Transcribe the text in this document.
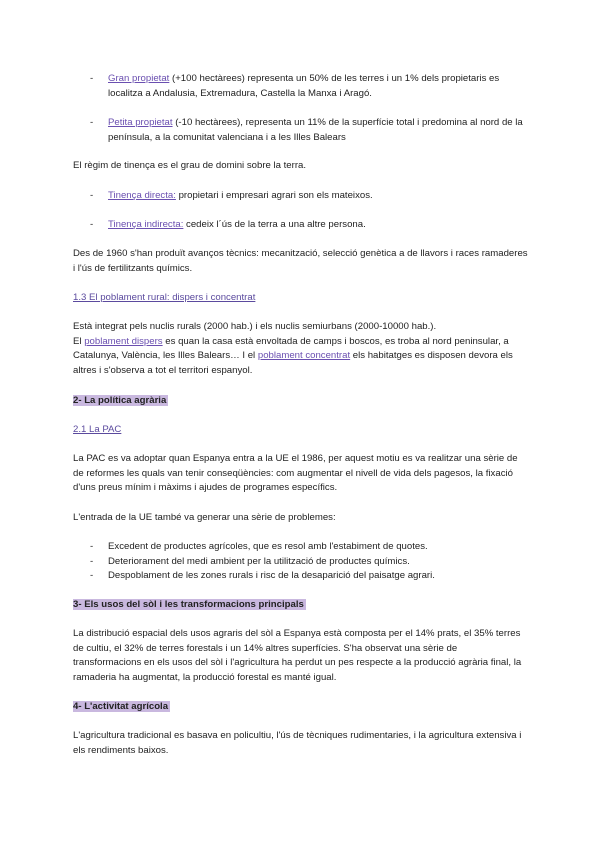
-	Gran propietat (+100 hectàrees) representa un 50% de les terres i un 1% dels propietaris es localitza a Andalusia, Extremadura, Castella la Manxa i Aragó.
-	Petita propietat (-10 hectàrees), representa un 11% de la superfície total i predomina al nord de la península, a la comunitat valenciana i a les Illes Balears

El règim de tinença es el grau de domini sobre la terra.

-	Tinença directa: propietari i empresari agrari son els mateixos.
-	Tinença indirecta: cedeix l´ús de la terra a una altre persona.

Des de 1960 s'han produït avanços tècnics: mecanització, selecció genètica a de llavors i races ramaderes i l'ús de fertilitzants químics.

1.3 El poblament rural: dispers i concentrat

Està integrat pels nuclis rurals (2000 hab.) i els nuclis semiurbans (2000-10000 hab.).
El poblament dispers es quan la casa està envoltada de camps i boscos, es troba al nord peninsular, a Catalunya, València, les Illes Balears… I el poblament concentrat els habitatges es disposen devora els altres i s'observa a tot el territori espanyol.

2- La política agrària

2.1 La PAC

La PAC es va adoptar quan Espanya entra a la UE el 1986, per aquest motiu es va realitzar una sèrie de de reformes les quals van tenir conseqüències: com augmentar el nivell de vida dels pagesos, la fixació d'uns preus mínim i màxims i ajudes de programes específics.

L'entrada de la UE també va generar una sèrie de problemes:

-	Excedent de productes agrícoles, que es resol amb l'estabiment de quotes.
-	Deteriorament del medi ambient per la utilització de productes químics.
-	Despoblament de les zones rurals i risc de la desaparició del paisatge agrari.

3- Els usos del sòl i les transformacions principals

La distribució espacial dels usos agraris del sòl a Espanya està composta per el 14% prats, el 35% terres de cultiu, el 32% de terres forestals i un 14% altres superfícies. S'ha observat una sèrie de transformacions en els usos del sòl i l'agricultura ha perdut un pes respecte a la producció agrària final, la ramaderia ha augmentat, la producció forestal es manté igual.

4- L'activitat agrícola

L'agricultura tradicional es basava en policultiu, l'ús de tècniques rudimentaries, i la agricultura extensiva i els rendiments baixos.
